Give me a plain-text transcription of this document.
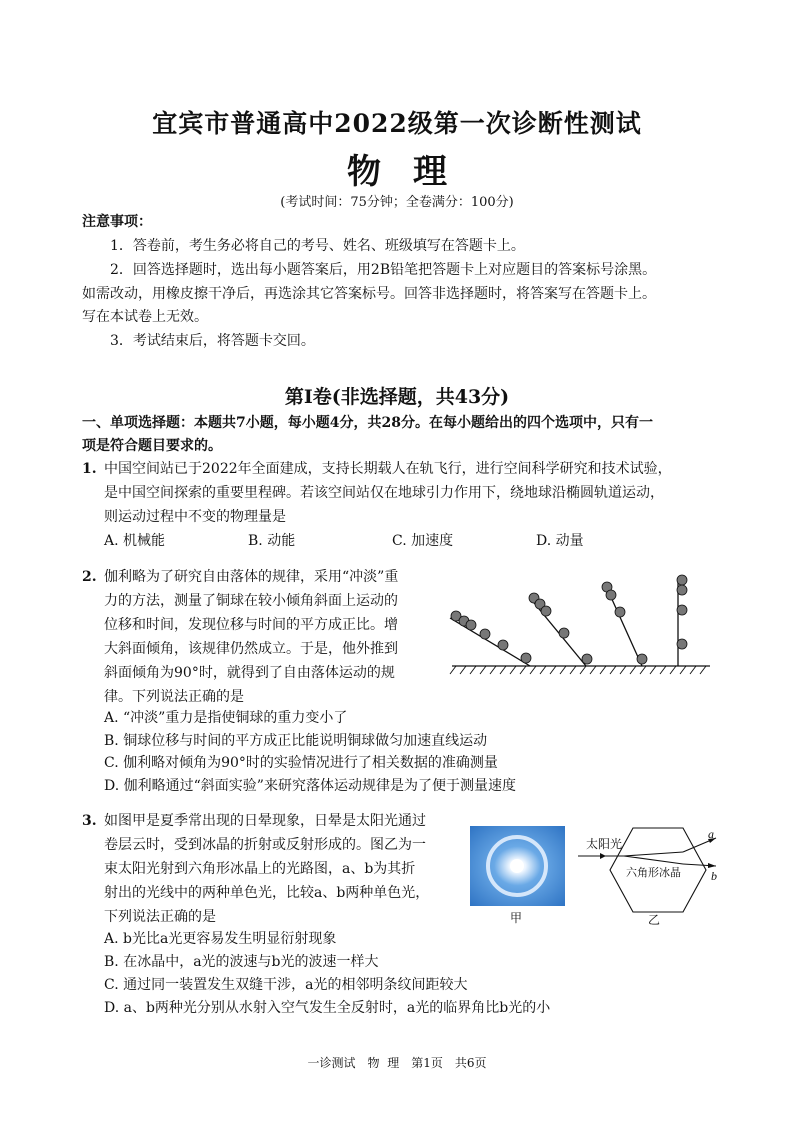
宜宾市普通高中2022级第一次诊断性测试
物理
(考试时间：75分钟；全卷满分：100分)
注意事项：
1．答卷前，考生务必将自己的考号、姓名、班级填写在答题卡上。
2．回答选择题时，选出每小题答案后，用2B铅笔把答题卡上对应题目的答案标号涂黑。
如需改动，用橡皮擦干净后，再选涂其它答案标号。回答非选择题时，将答案写在答题卡上。
写在本试卷上无效。
3．考试结束后，将答题卡交回。
第Ⅰ卷(非选择题，共43分)
一、单项选择题：本题共7小题，每小题4分，共28分。在每小题给出的四个选项中，只有一
项是符合题目要求的。
1. 中国空间站已于2022年全面建成，支持长期载人在轨飞行，进行空间科学研究和技术试验，
是中国空间探索的重要里程碑。若该空间站仅在地球引力作用下，绕地球沿椭圆轨道运动，
则运动过程中不变的物理量是
A. 机械能	B. 动能	C. 加速度	D. 动量
2. 伽利略为了研究自由落体的规律，采用“冲淡”重
力的方法，测量了铜球在较小倾角斜面上运动的
位移和时间，发现位移与时间的平方成正比。增
大斜面倾角，该规律仍然成立。于是，他外推到
斜面倾角为90°时，就得到了自由落体运动的规
律。下列说法正确的是
A. “冲淡”重力是指使铜球的重力变小了
B. 铜球位移与时间的平方成正比能说明铜球做匀加速直线运动
C. 伽利略对倾角为90°时的实验情况进行了相关数据的准确测量
D. 伽利略通过“斜面实验”来研究落体运动规律是为了便于测量速度
3. 如图甲是夏季常出现的日晕现象，日晕是太阳光通过
卷层云时，受到冰晶的折射或反射形成的。图乙为一
束太阳光射到六角形冰晶上的光路图，a、b为其折
射出的光线中的两种单色光，比较a、b两种单色光，
下列说法正确的是	甲
太阳光
六角形冰晶
a
b
乙
A. b光比a光更容易发生明显衍射现象
B. 在冰晶中，a光的波速与b光的波速一样大
C. 通过同一装置发生双缝干涉，a光的相邻明条纹间距较大
D. a、b两种光分别从水射入空气发生全反射时，a光的临界角比b光的小
一诊测试　物 理　第1页　共6页
